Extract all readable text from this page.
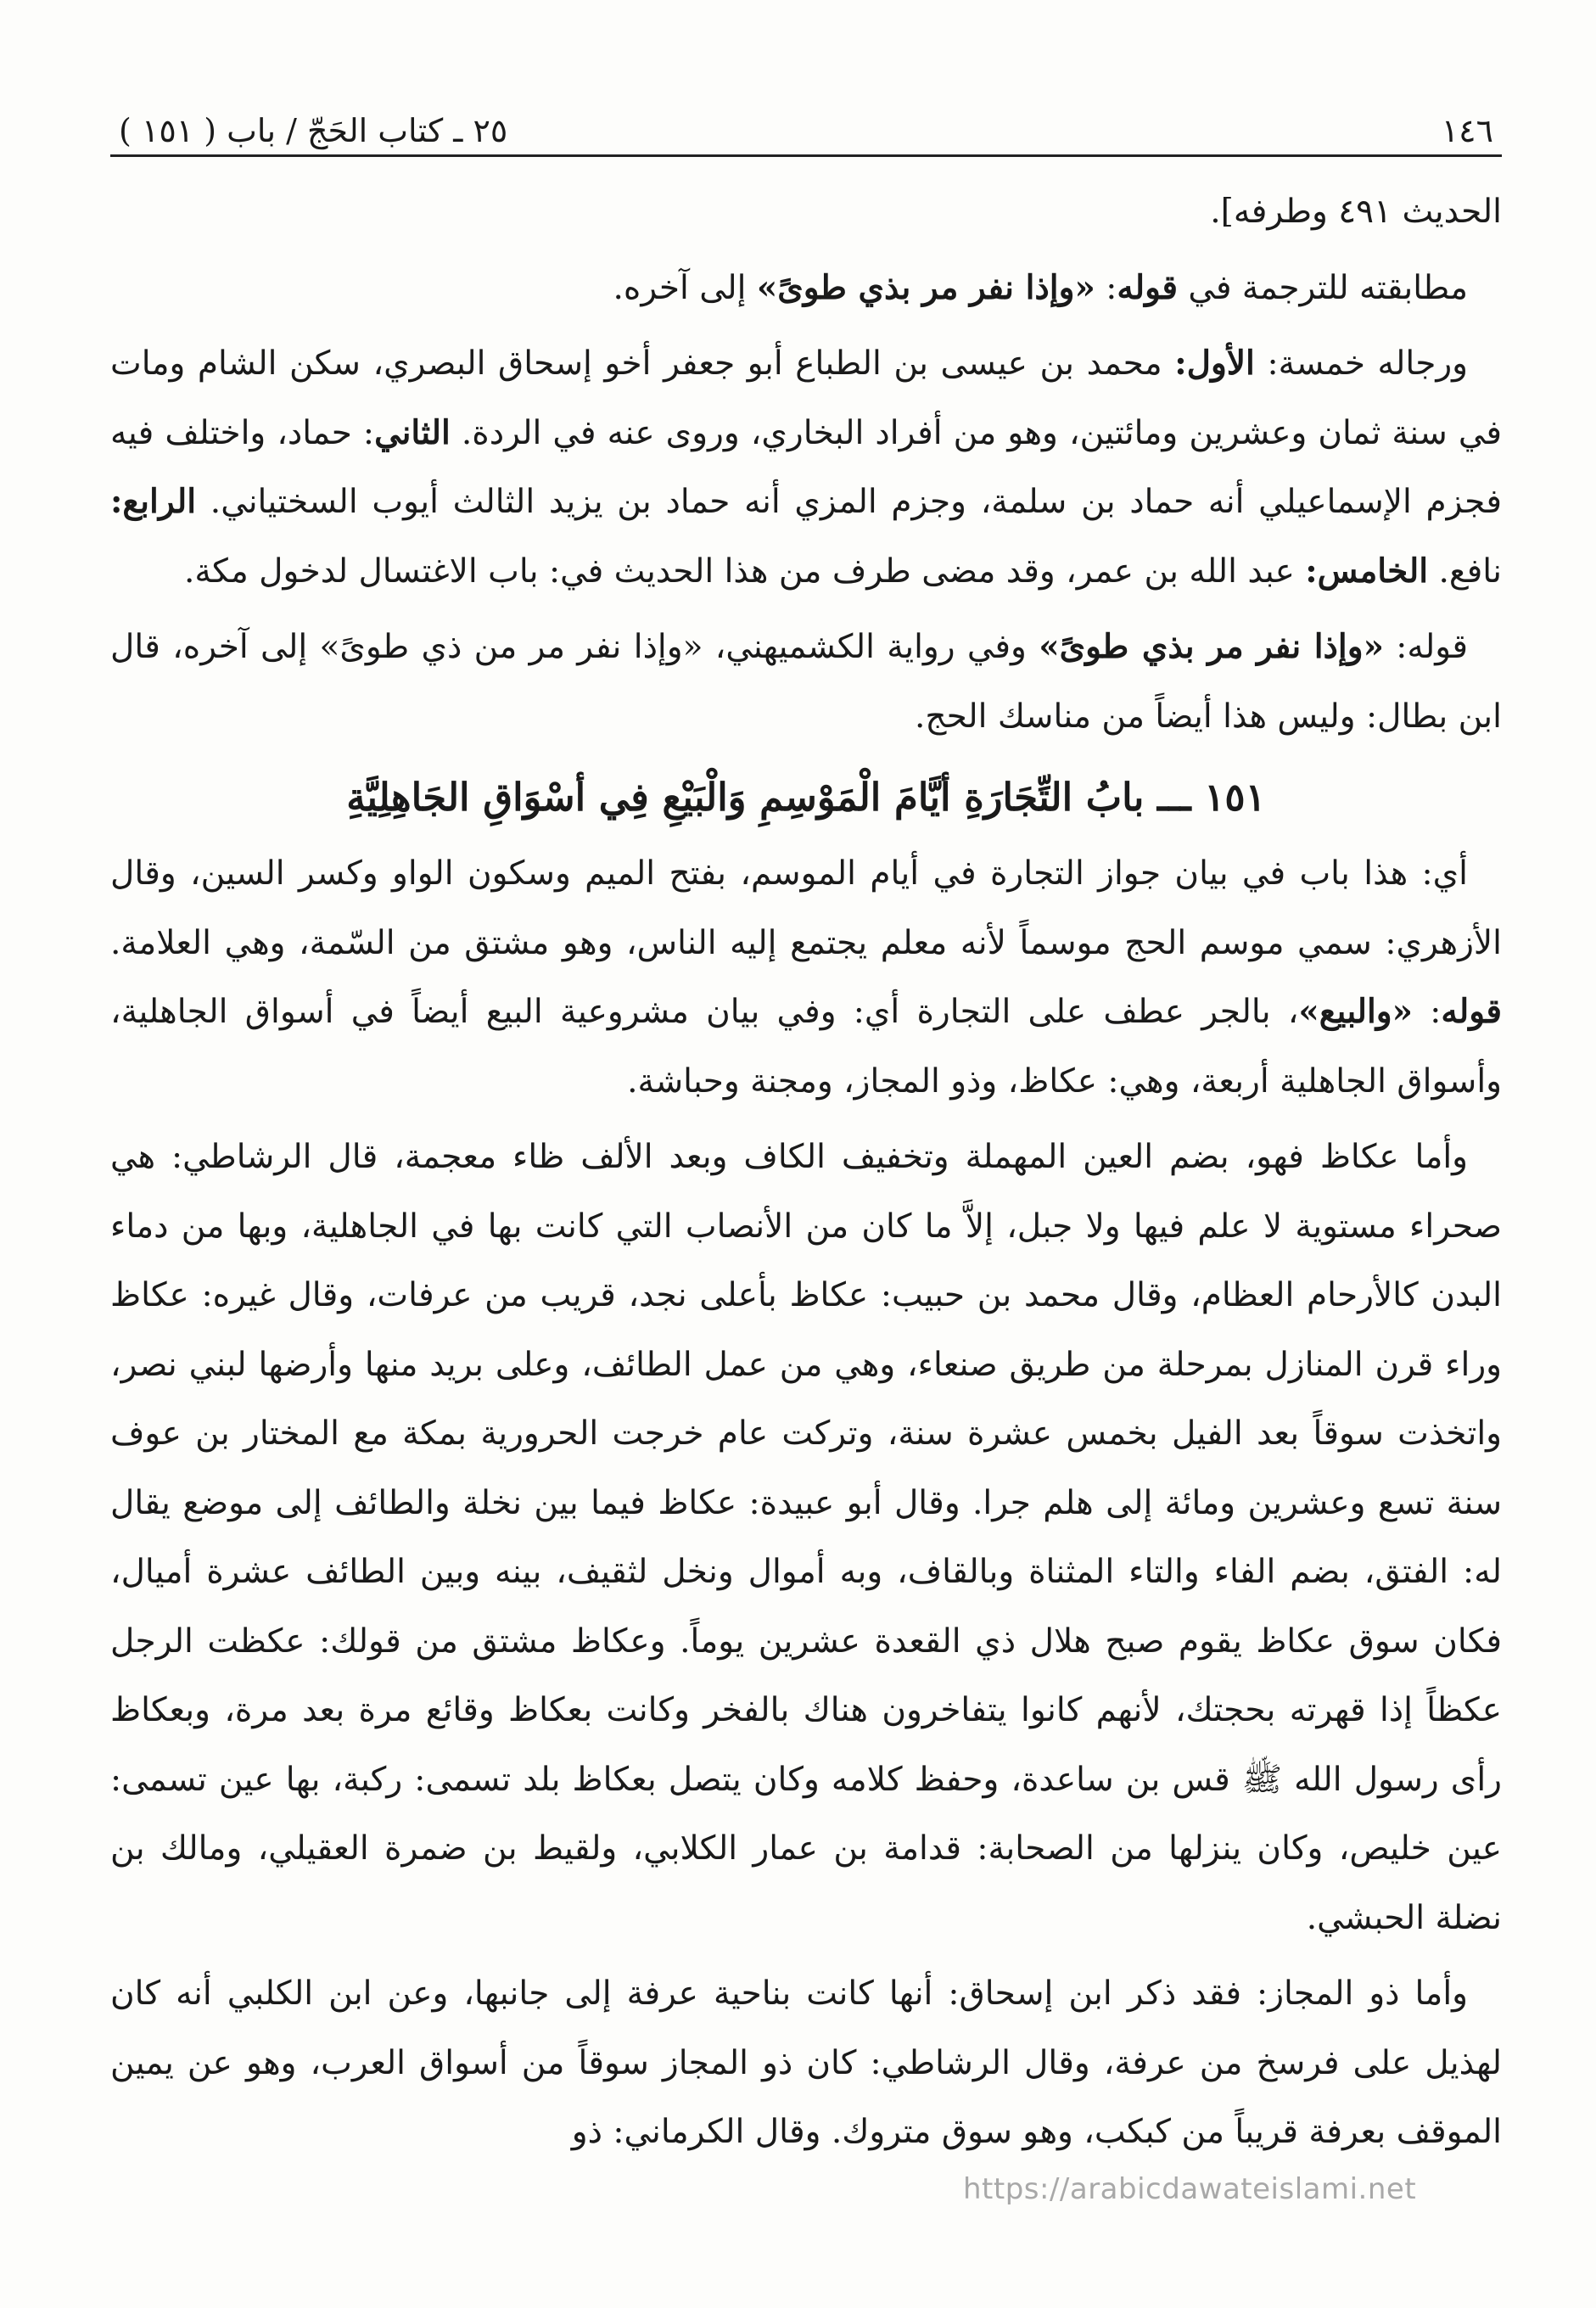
١٤٦
٢٥ ـ كتاب الحَجّ / باب ( ١٥١ )

الحديث ٤٩١ وطرفه].

مطابقته للترجمة في قوله: «وإذا نفر مر بذي طوىً» إلى آخره.

ورجاله خمسة: الأول: محمد بن عيسى بن الطباع أبو جعفر أخو إسحاق البصري، سكن الشام ومات في سنة ثمان وعشرين ومائتين، وهو من أفراد البخاري، وروى عنه في الردة. الثاني: حماد، واختلف فيه فجزم الإسماعيلي أنه حماد بن سلمة، وجزم المزي أنه حماد بن يزيد الثالث أيوب السختياني. الرابع: نافع. الخامس: عبد الله بن عمر، وقد مضى طرف من هذا الحديث في: باب الاغتسال لدخول مكة.

قوله: «وإذا نفر مر بذي طوىً» وفي رواية الكشميهني، «وإذا نفر مر من ذي طوىً» إلى آخره، قال ابن بطال: وليس هذا أيضاً من مناسك الحج.

١٥١ ـــ بابُ التِّجَارَةِ أيَّامَ الْمَوْسِمِ وَالْبَيْعِ فِي أسْوَاقِ الجَاهِلِيَّةِ

أي: هذا باب في بيان جواز التجارة في أيام الموسم، بفتح الميم وسكون الواو وكسر السين، وقال الأزهري: سمي موسم الحج موسماً لأنه معلم يجتمع إليه الناس، وهو مشتق من السّمة، وهي العلامة. قوله: «والبيع»، بالجر عطف على التجارة أي: وفي بيان مشروعية البيع أيضاً في أسواق الجاهلية، وأسواق الجاهلية أربعة، وهي: عكاظ، وذو المجاز، ومجنة وحباشة.

وأما عكاظ فهو، بضم العين المهملة وتخفيف الكاف وبعد الألف ظاء معجمة، قال الرشاطي: هي صحراء مستوية لا علم فيها ولا جبل، إلاَّ ما كان من الأنصاب التي كانت بها في الجاهلية، وبها من دماء البدن كالأرحام العظام، وقال محمد بن حبيب: عكاظ بأعلى نجد، قريب من عرفات، وقال غيره: عكاظ وراء قرن المنازل بمرحلة من طريق صنعاء، وهي من عمل الطائف، وعلى بريد منها وأرضها لبني نصر، واتخذت سوقاً بعد الفيل بخمس عشرة سنة، وتركت عام خرجت الحرورية بمكة مع المختار بن عوف سنة تسع وعشرين ومائة إلى هلم جرا. وقال أبو عبيدة: عكاظ فيما بين نخلة والطائف إلى موضع يقال له: الفتق، بضم الفاء والتاء المثناة وبالقاف، وبه أموال ونخل لثقيف، بينه وبين الطائف عشرة أميال، فكان سوق عكاظ يقوم صبح هلال ذي القعدة عشرين يوماً. وعكاظ مشتق من قولك: عكظت الرجل عكظاً إذا قهرته بحجتك، لأنهم كانوا يتفاخرون هناك بالفخر وكانت بعكاظ وقائع مرة بعد مرة، وبعكاظ رأى رسول الله ﷺ قس بن ساعدة، وحفظ كلامه وكان يتصل بعكاظ بلد تسمى: ركبة، بها عين تسمى: عين خليص، وكان ينزلها من الصحابة: قدامة بن عمار الكلابي، ولقيط بن ضمرة العقيلي، ومالك بن نضلة الحبشي.

وأما ذو المجاز: فقد ذكر ابن إسحاق: أنها كانت بناحية عرفة إلى جانبها، وعن ابن الكلبي أنه كان لهذيل على فرسخ من عرفة، وقال الرشاطي: كان ذو المجاز سوقاً من أسواق العرب، وهو عن يمين الموقف بعرفة قريباً من كبكب، وهو سوق متروك. وقال الكرماني: ذو

https://arabicdawateislami.net
